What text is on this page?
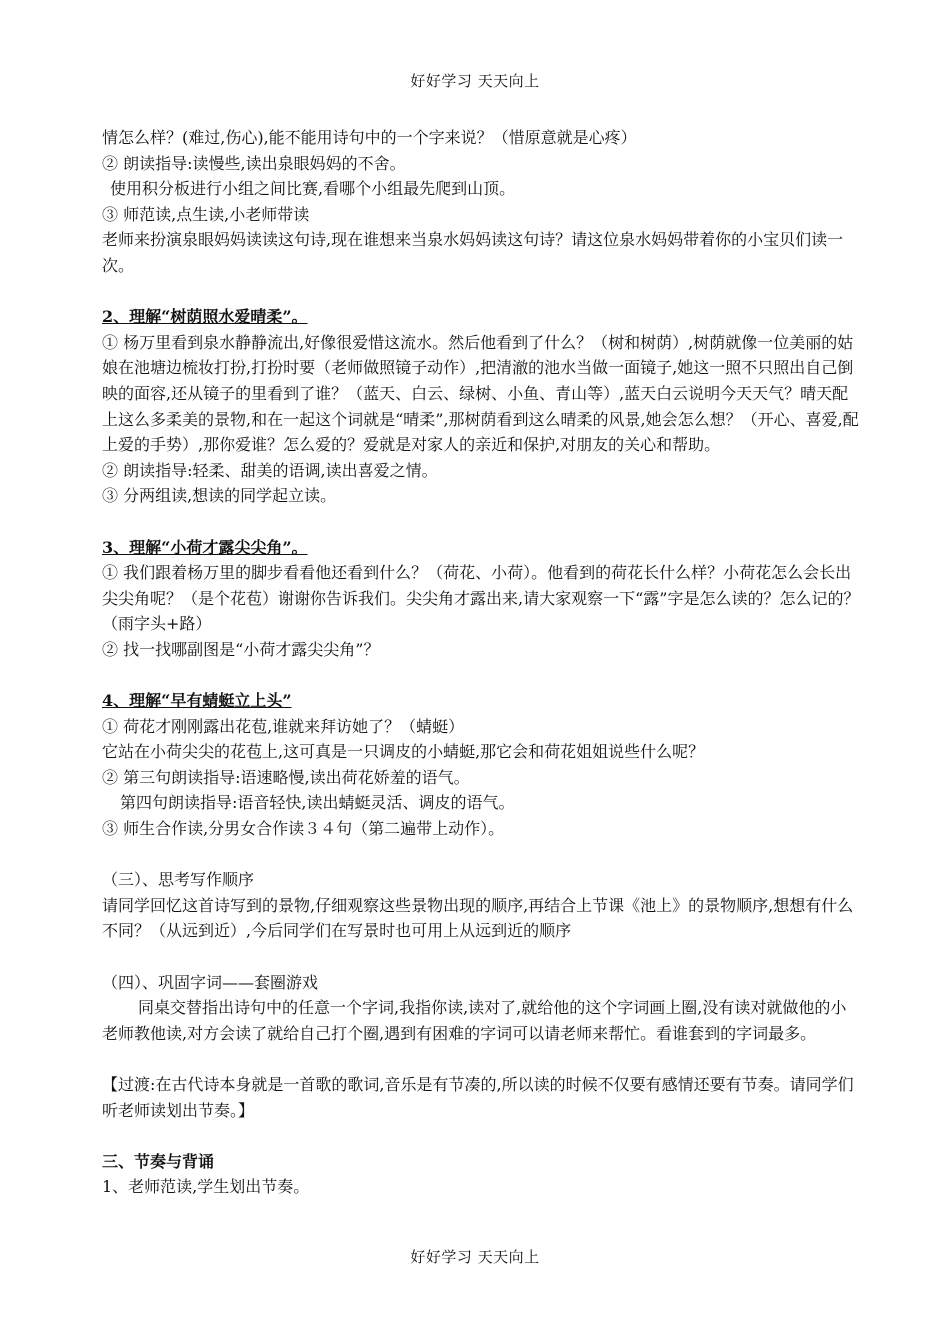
好好学习 天天向上

情怎么样？(难过,伤心),能不能用诗句中的一个字来说？（惜原意就是心疼）

② 朗读指导:读慢些,读出泉眼妈妈的不舍。

使用积分板进行小组之间比赛,看哪个小组最先爬到山顶。

③ 师范读,点生读,小老师带读

老师来扮演泉眼妈妈读读这句诗,现在谁想来当泉水妈妈读这句诗？请这位泉水妈妈带着你的小宝贝们读一次。

2、理解“树荫照水爱晴柔”。

① 杨万里看到泉水静静流出,好像很爱惜这流水。然后他看到了什么？（树和树荫）,树荫就像一位美丽的姑娘在池塘边梳妆打扮,打扮时要（老师做照镜子动作）,把清澈的池水当做一面镜子,她这一照不只照出自己倒映的面容,还从镜子的里看到了谁？（蓝天、白云、绿树、小鱼、青山等）,蓝天白云说明今天天气？晴天配上这么多柔美的景物,和在一起这个词就是“晴柔”,那树荫看到这么晴柔的风景,她会怎么想？（开心、喜爱,配上爱的手势）,那你爱谁？怎么爱的？爱就是对家人的亲近和保护,对朋友的关心和帮助。

② 朗读指导:轻柔、甜美的语调,读出喜爱之情。

③ 分两组读,想读的同学起立读。

3、理解“小荷才露尖尖角”。

① 我们跟着杨万里的脚步看看他还看到什么？（荷花、小荷）。他看到的荷花长什么样？小荷花怎么会长出尖尖角呢？（是个花苞）谢谢你告诉我们。尖尖角才露出来,请大家观察一下“露”字是怎么读的？怎么记的？（雨字头+路）

② 找一找哪副图是“小荷才露尖尖角”？

4、理解“早有蜻蜓立上头”

① 荷花才刚刚露出花苞,谁就来拜访她了？（蜻蜓）

它站在小荷尖尖的花苞上,这可真是一只调皮的小蜻蜓,那它会和荷花姐姐说些什么呢？

② 第三句朗读指导:语速略慢,读出荷花娇羞的语气。

第四句朗读指导:语音轻快,读出蜻蜓灵活、调皮的语气。

③ 师生合作读,分男女合作读３４句（第二遍带上动作）。

（三）、思考写作顺序

请同学回忆这首诗写到的景物,仔细观察这些景物出现的顺序,再结合上节课《池上》的景物顺序,想想有什么不同？（从远到近）,今后同学们在写景时也可用上从远到近的顺序

（四）、巩固字词——套圈游戏

同桌交替指出诗句中的任意一个字词,我指你读,读对了,就给他的这个字词画上圈,没有读对就做他的小老师教他读,对方会读了就给自己打个圈,遇到有困难的字词可以请老师来帮忙。看谁套到的字词最多。

【过渡:在古代诗本身就是一首歌的歌词,音乐是有节凑的,所以读的时候不仅要有感情还要有节奏。请同学们听老师读划出节奏。】

三、节奏与背诵

1、老师范读,学生划出节奏。

好好学习 天天向上
